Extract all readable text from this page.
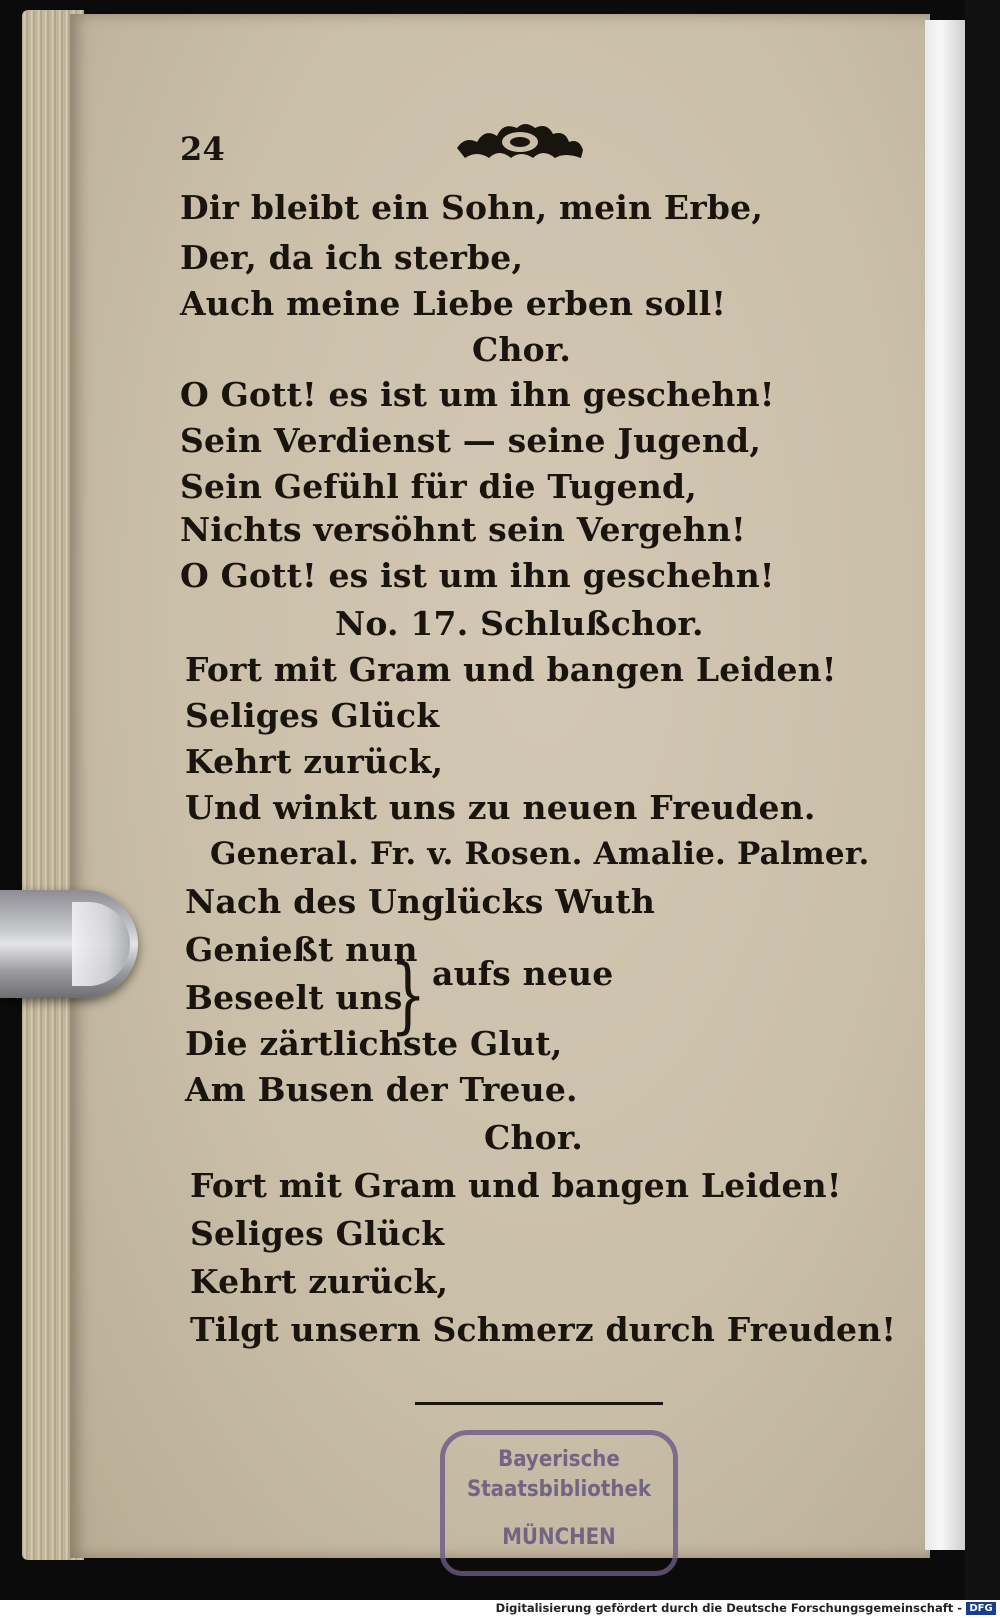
24
Dir bleibt ein Sohn, mein Erbe,
Der, da ich sterbe,
Auch meine Liebe erben soll!
Chor.
O Gott! es ist um ihn geschehn!
Sein Verdienst — seine Jugend,
Sein Gefühl für die Tugend,
Nichts versöhnt sein Vergehn!
O Gott! es ist um ihn geschehn!
No. 17. Schlußchor.
Fort mit Gram und bangen Leiden!
Seliges Glück
Kehrt zurück,
Und winkt uns zu neuen Freuden.
General. Fr. v. Rosen. Amalie. Palmer.
Nach des Unglücks Wuth
Genießt nun
Beseelt uns
} aufs neue
Die zärtlichste Glut,
Am Busen der Treue.
Chor.
Fort mit Gram und bangen Leiden!
Seliges Glück
Kehrt zurück,
Tilgt unsern Schmerz durch Freuden!
Bayerische
Staatsbibliothek
MÜNCHEN
Digitalisierung gefördert durch die Deutsche Forschungsgemeinschaft - DFG
